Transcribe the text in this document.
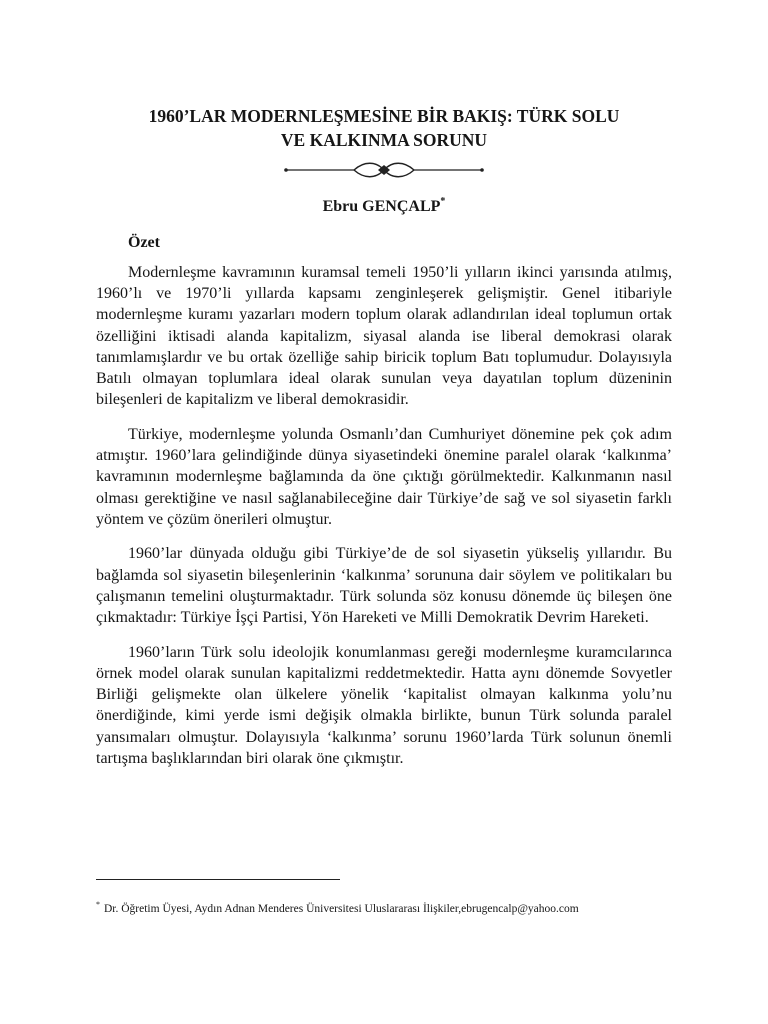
1960’LAR MODERNLEŞMESİNE BİR BAKIŞ: TÜRK SOLU
VE KALKINMA SORUNU
Ebru GENÇALP*
Özet

Modernleşme kavramının kuramsal temeli 1950’li yılların ikinci yarısında atılmış, 1960’lı ve 1970’li yıllarda kapsamı zenginleşerek gelişmiştir. Genel itibariyle modernleşme kuramı yazarları modern toplum olarak adlandırılan ideal toplumun ortak özelliğini iktisadi alanda kapitalizm, siyasal alanda ise liberal demokrasi olarak tanımlamışlardır ve bu ortak özelliğe sahip biricik toplum Batı toplumudur. Dolayısıyla Batılı olmayan toplumlara ideal olarak sunulan veya dayatılan toplum düzeninin bileşenleri de kapitalizm ve liberal demokrasidir.

Türkiye, modernleşme yolunda Osmanlı’dan Cumhuriyet dönemine pek çok adım atmıştır. 1960’lara gelindiğinde dünya siyasetindeki önemine paralel olarak ‘kalkınma’ kavramının modernleşme bağlamında da öne çıktığı görülmektedir. Kalkınmanın nasıl olması gerektiğine ve nasıl sağlanabileceğine dair Türkiye’de sağ ve sol siyasetin farklı yöntem ve çözüm önerileri olmuştur.

1960’lar dünyada olduğu gibi Türkiye’de de sol siyasetin yükseliş yıllarıdır. Bu bağlamda sol siyasetin bileşenlerinin ‘kalkınma’ sorununa dair söylem ve politikaları bu çalışmanın temelini oluşturmaktadır. Türk solunda söz konusu dönemde üç bileşen öne çıkmaktadır: Türkiye İşçi Partisi, Yön Hareketi ve Milli Demokratik Devrim Hareketi.

1960’ların Türk solu ideolojik konumlanması gereği modernleşme kuramcılarınca örnek model olarak sunulan kapitalizmi reddetmektedir. Hatta aynı dönemde Sovyetler Birliği gelişmekte olan ülkelere yönelik ‘kapitalist olmayan kalkınma yolu’nu önerdiğinde, kimi yerde ismi değişik olmakla birlikte, bunun Türk solunda paralel yansımaları olmuştur. Dolayısıyla ‘kalkınma’ sorunu 1960’larda Türk solunun önemli tartışma başlıklarından biri olarak öne çıkmıştır.

* Dr. Öğretim Üyesi, Aydın Adnan Menderes Üniversitesi Uluslararası İlişkiler,ebrugencalp@yahoo.com
